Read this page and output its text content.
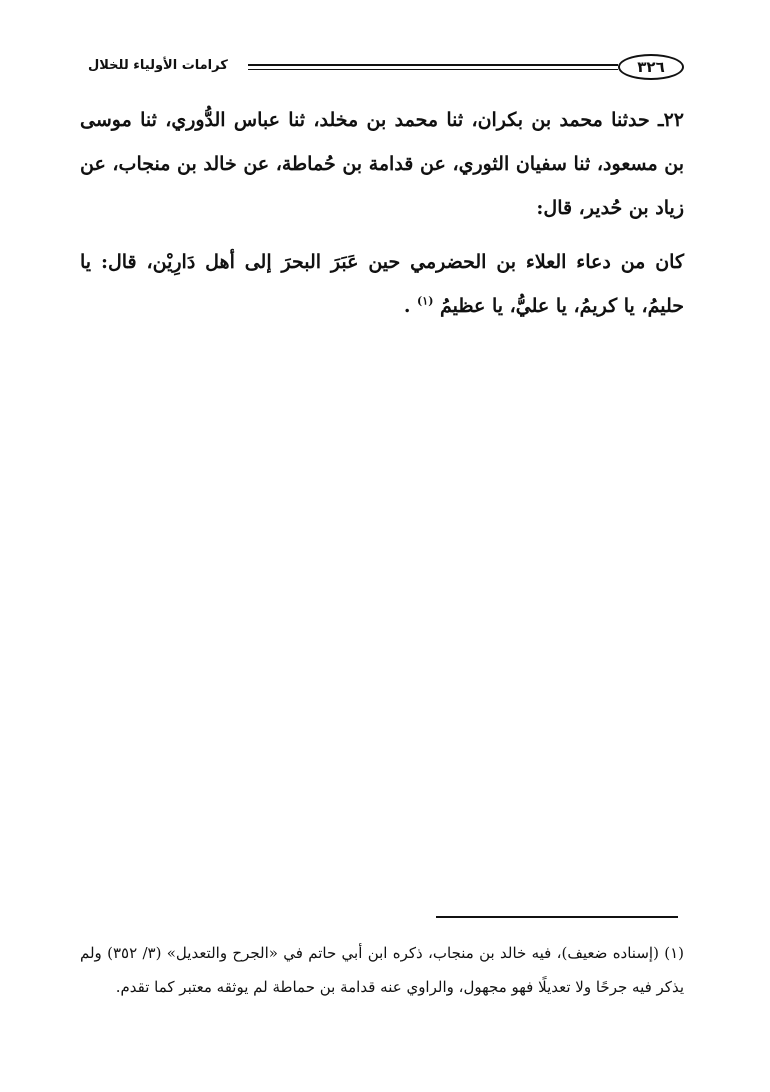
كرامات الأولياء للخلال	٣٢٦

٢٢ـ حدثنا محمد بن بكران، ثنا محمد بن مخلد، ثنا عباس الدُّوري، ثنا موسى بن مسعود، ثنا سفيان الثوري، عن قدامة بن حُماطة، عن خالد بن منجاب، عن زياد بن حُدير، قال:

كان من دعاء العلاء بن الحضرمي حين عَبَرَ البحرَ إلى أهل دَارِيْن، قال: يا حليمُ، يا كريمُ، يا عليُّ، يا عظيمُ $^{(١)}$ .

(١) (إسناده ضعيف)، فيه خالد بن منجاب، ذكره ابن أبي حاتم في «الجرح والتعديل» (٣/ ٣٥٢) ولم يذكر فيه جرحًا ولا تعديلًا فهو مجهول، والراوي عنه قدامة بن حماطة لم يوثقه معتبر كما تقدم.
